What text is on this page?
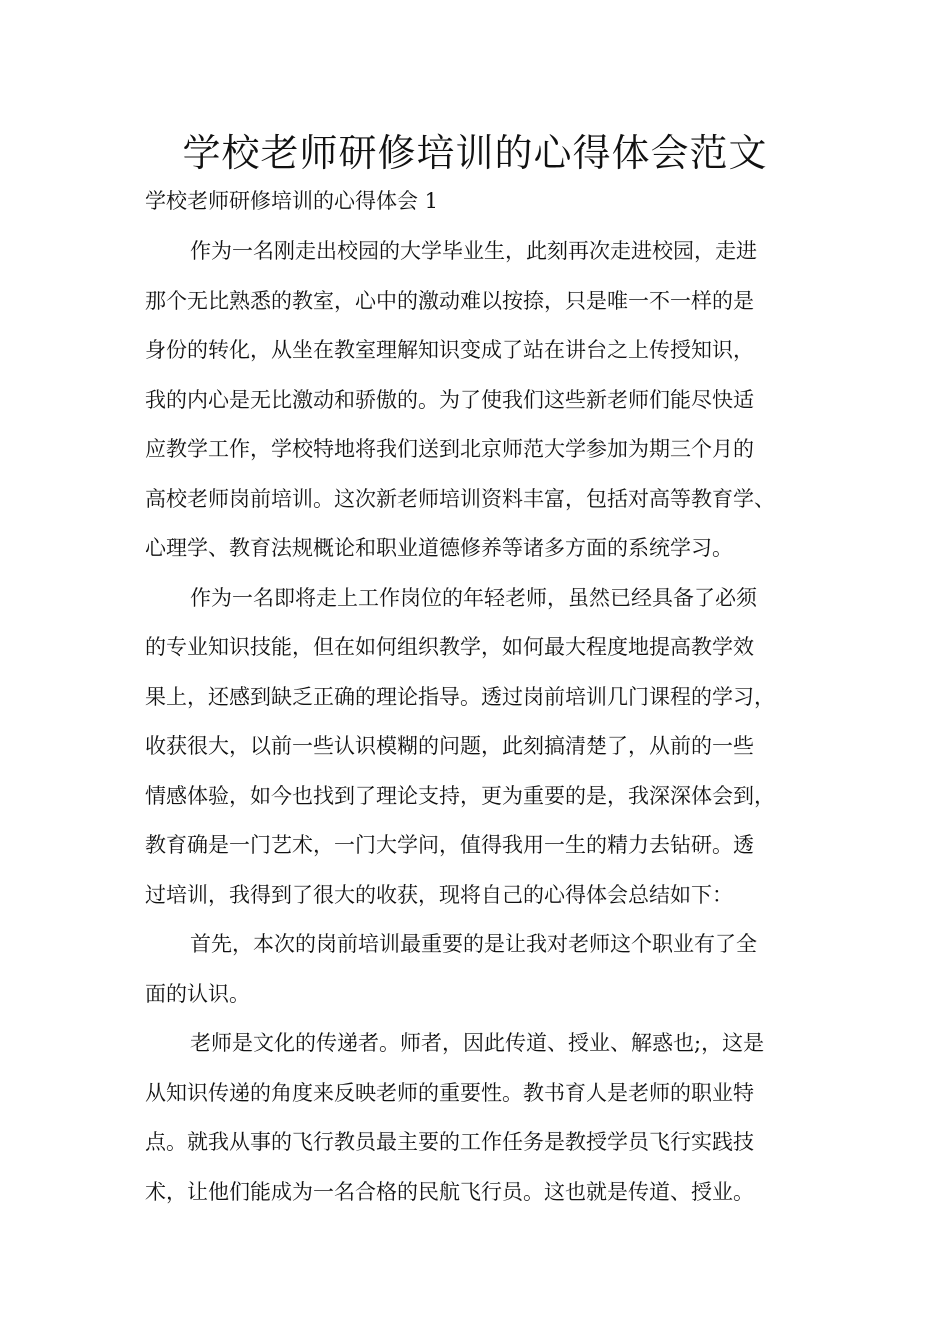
学校老师研修培训的心得体会范文

学校老师研修培训的心得体会 1

作为一名刚走出校园的大学毕业生，此刻再次走进校园，走进
那个无比熟悉的教室，心中的激动难以按捺，只是唯一不一样的是
身份的转化，从坐在教室理解知识变成了站在讲台之上传授知识，
我的内心是无比激动和骄傲的。为了使我们这些新老师们能尽快适
应教学工作，学校特地将我们送到北京师范大学参加为期三个月的
高校老师岗前培训。这次新老师培训资料丰富，包括对高等教育学、
心理学、教育法规概论和职业道德修养等诸多方面的系统学习。
作为一名即将走上工作岗位的年轻老师，虽然已经具备了必须
的专业知识技能，但在如何组织教学，如何最大程度地提高教学效
果上，还感到缺乏正确的理论指导。透过岗前培训几门课程的学习，
收获很大，以前一些认识模糊的问题，此刻搞清楚了，从前的一些
情感体验，如今也找到了理论支持，更为重要的是，我深深体会到，
教育确是一门艺术，一门大学问，值得我用一生的精力去钻研。透
过培训，我得到了很大的收获，现将自己的心得体会总结如下：
首先，本次的岗前培训最重要的是让我对老师这个职业有了全
面的认识。
老师是文化的传递者。师者，因此传道、授业、解惑也;，这是
从知识传递的角度来反映老师的重要性。教书育人是老师的职业特
点。就我从事的飞行教员最主要的工作任务是教授学员飞行实践技
术，让他们能成为一名合格的民航飞行员。这也就是传道、授业。
